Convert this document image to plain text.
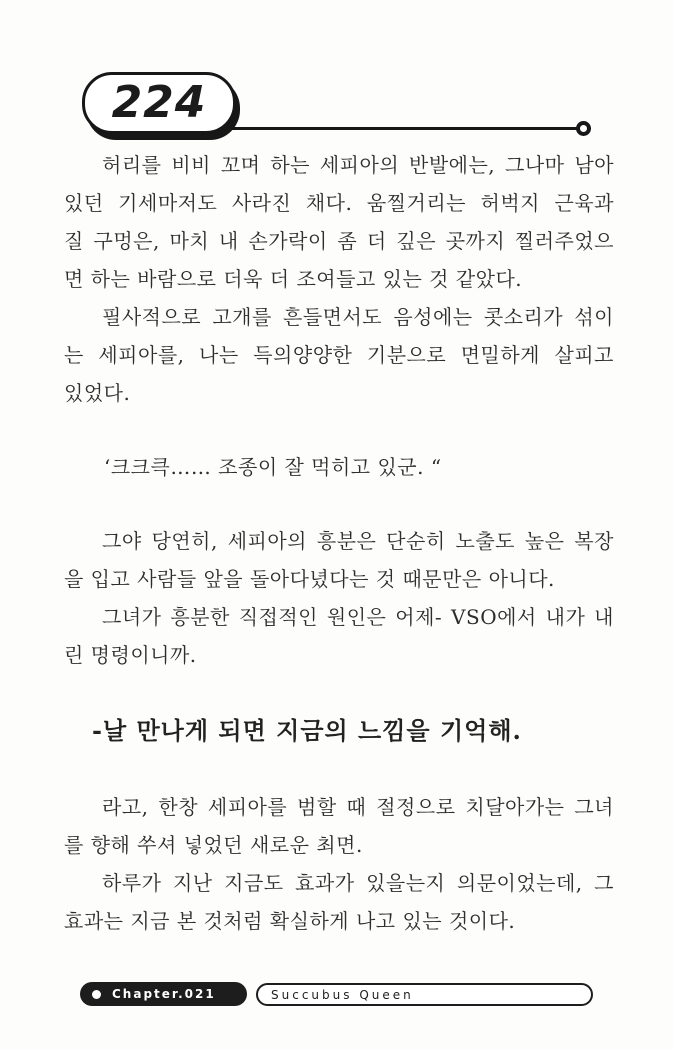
224
허리를 비비 꼬며 하는 세피아의 반발에는, 그나마 남아
있던 기세마저도 사라진 채다. 움찔거리는 허벅지 근육과
질 구멍은, 마치 내 손가락이 좀 더 깊은 곳까지 찔러주었으
면 하는 바람으로 더욱 더 조여들고 있는 것 같았다.
필사적으로 고개를 흔들면서도 음성에는 콧소리가 섞이
는 세피아를, 나는 득의양양한 기분으로 면밀하게 살피고
있었다.
‘크크큭…… 조종이 잘 먹히고 있군. “
그야 당연히, 세피아의 흥분은 단순히 노출도 높은 복장
을 입고 사람들 앞을 돌아다녔다는 것 때문만은 아니다.
그녀가 흥분한 직접적인 원인은 어제- VSO에서 내가 내
린 명령이니까.
-날 만나게 되면 지금의 느낌을 기억해.
라고, 한창 세피아를 범할 때 절정으로 치달아가는 그녀
를 향해 쑤셔 넣었던 새로운 최면.
하루가 지난 지금도 효과가 있을는지 의문이었는데, 그
효과는 지금 본 것처럼 확실하게 나고 있는 것이다.
Chapter.021	Succubus Queen
